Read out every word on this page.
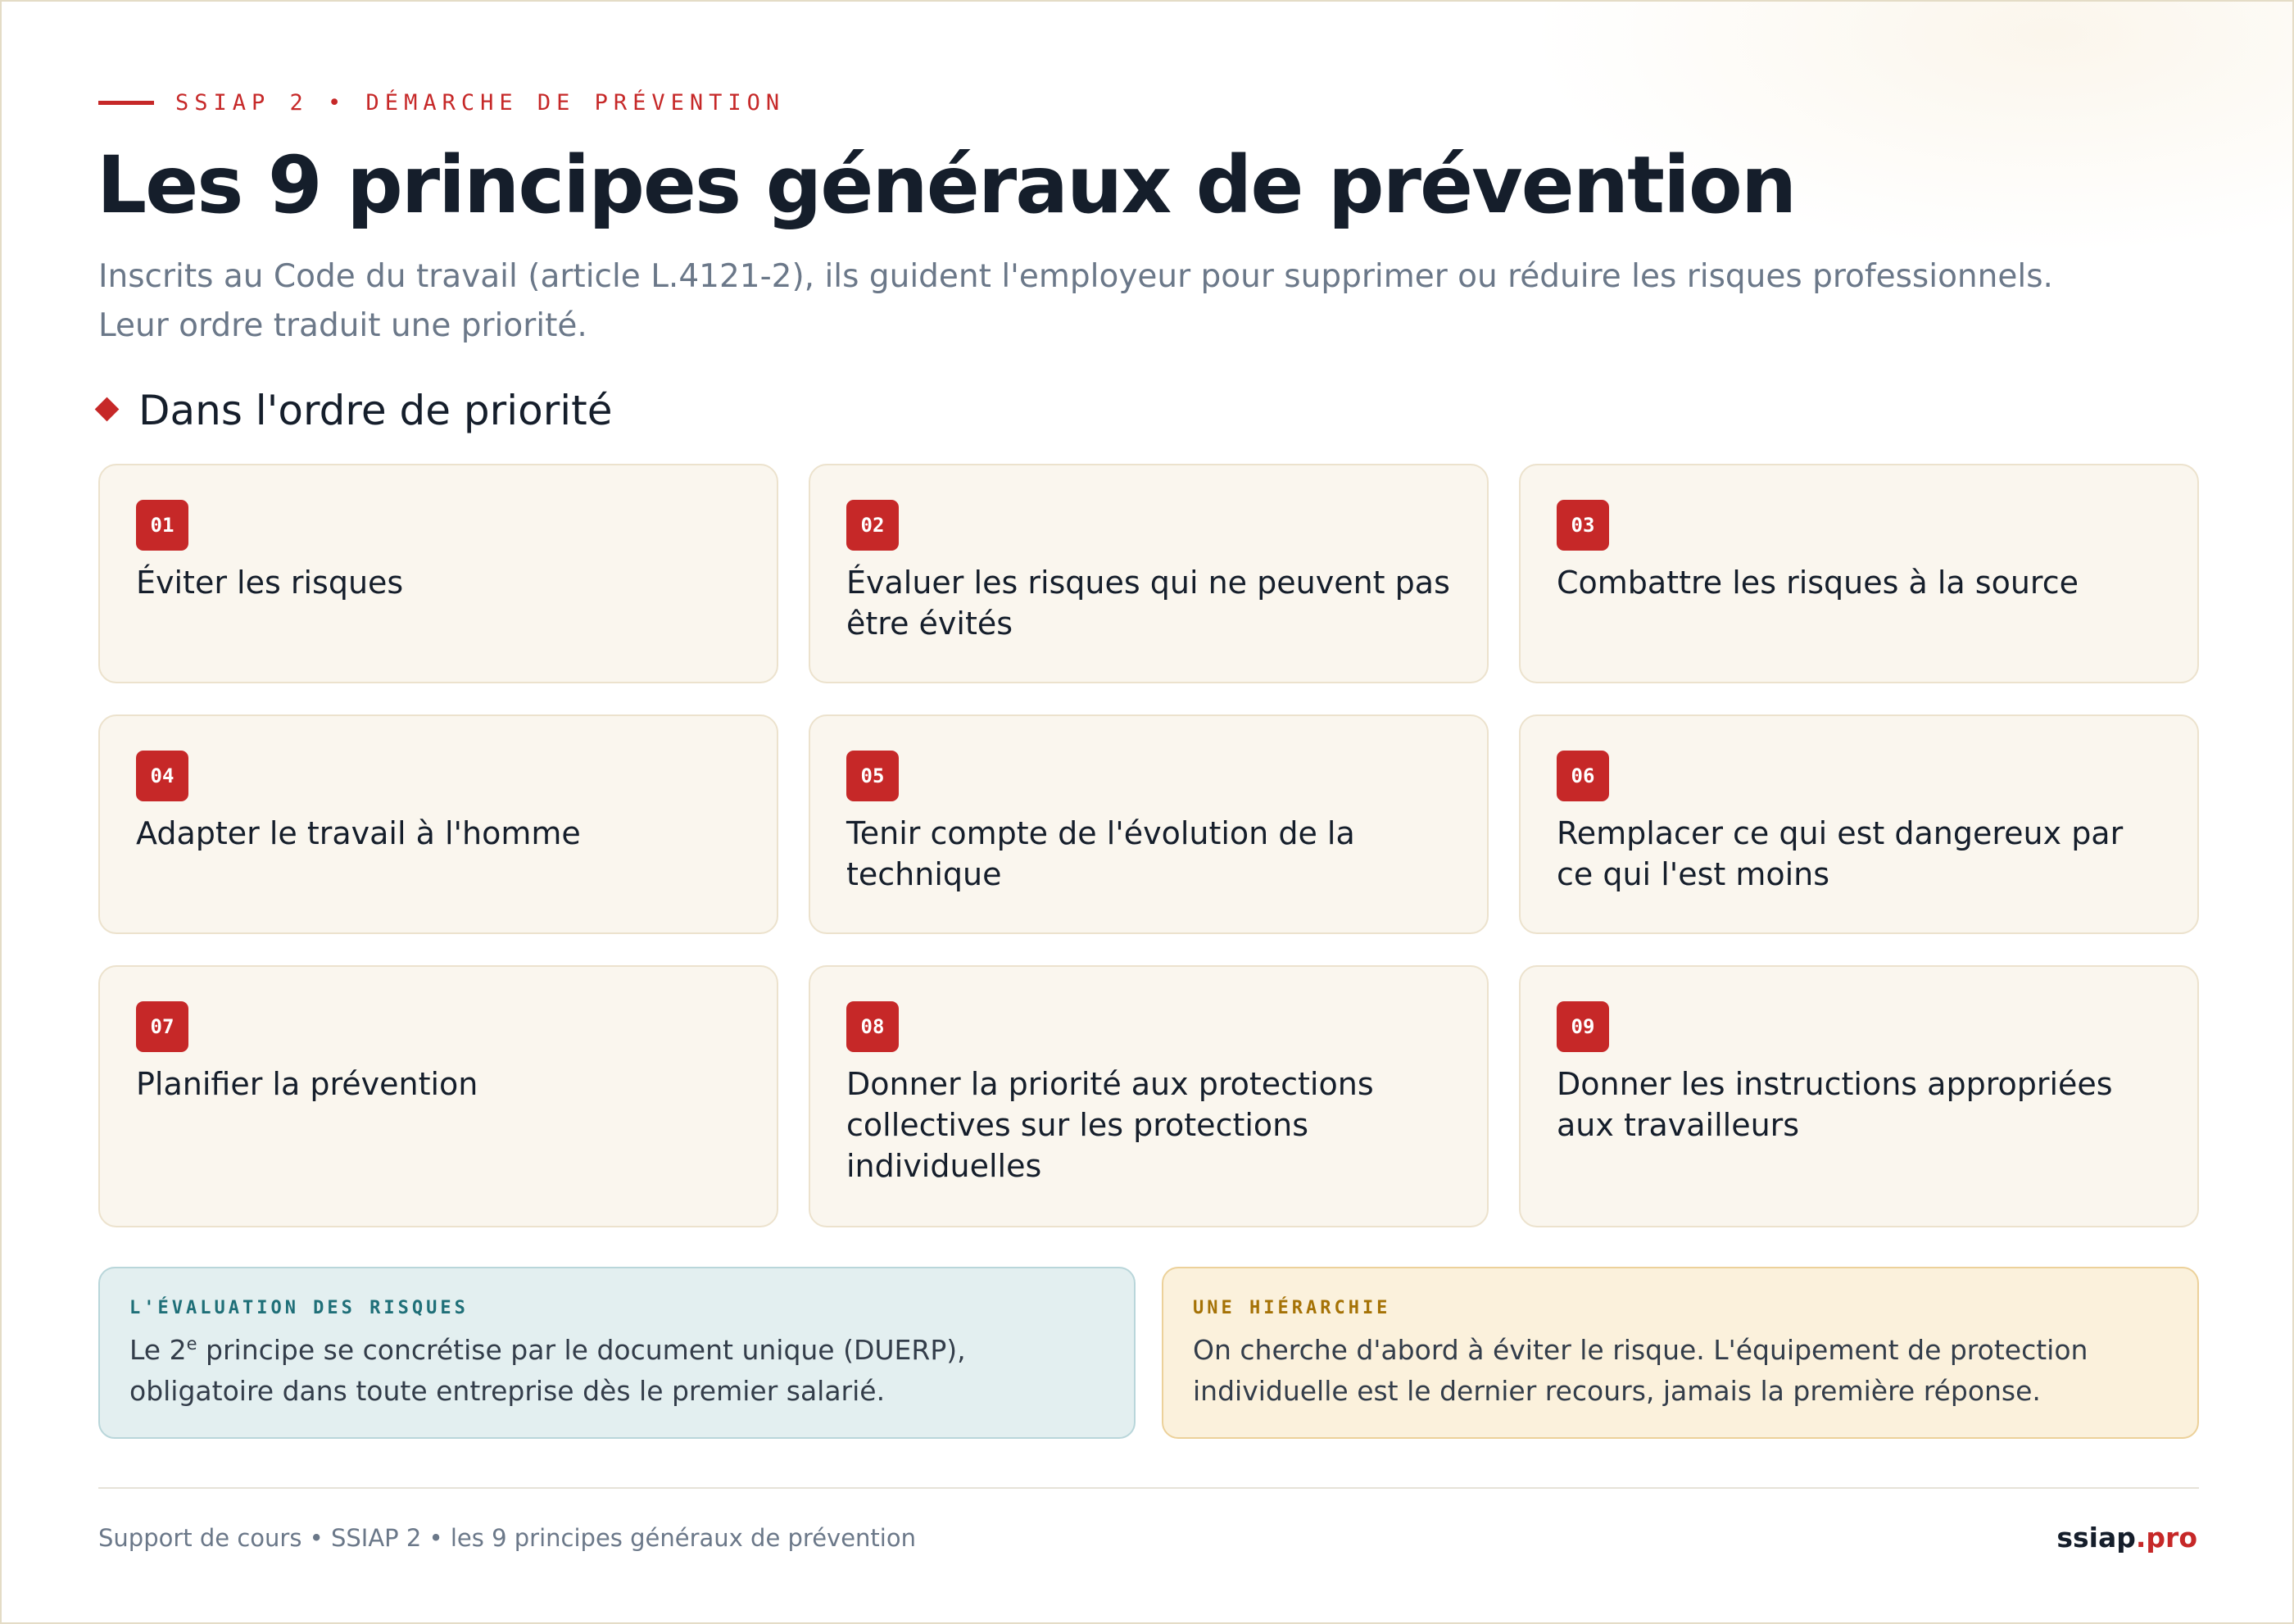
SSIAP 2 • DÉMARCHE DE PRÉVENTION
Les 9 principes généraux de prévention

Inscrits au Code du travail (article L.4121-2), ils guident l'employeur pour supprimer ou réduire les risques professionnels. Leur ordre traduit une priorité.

Dans l'ordre de priorité
01
Éviter les risques
02
Évaluer les risques qui ne peuvent pas être évités
03
Combattre les risques à la source
04
Adapter le travail à l'homme
05
Tenir compte de l'évolution de la technique
06
Remplacer ce qui est dangereux par ce qui l'est moins
07
Planifier la prévention
08
Donner la priorité aux protections collectives sur les protections individuelles
09
Donner les instructions appropriées aux travailleurs
L'ÉVALUATION DES RISQUES
Le 2e principe se concrétise par le document unique (DUERP), obligatoire dans toute entreprise dès le premier salarié.
UNE HIÉRARCHIE
On cherche d'abord à éviter le risque. L'équipement de protection individuelle est le dernier recours, jamais la première réponse.
Support de cours • SSIAP 2 • les 9 principes généraux de prévention	ssiap.pro
